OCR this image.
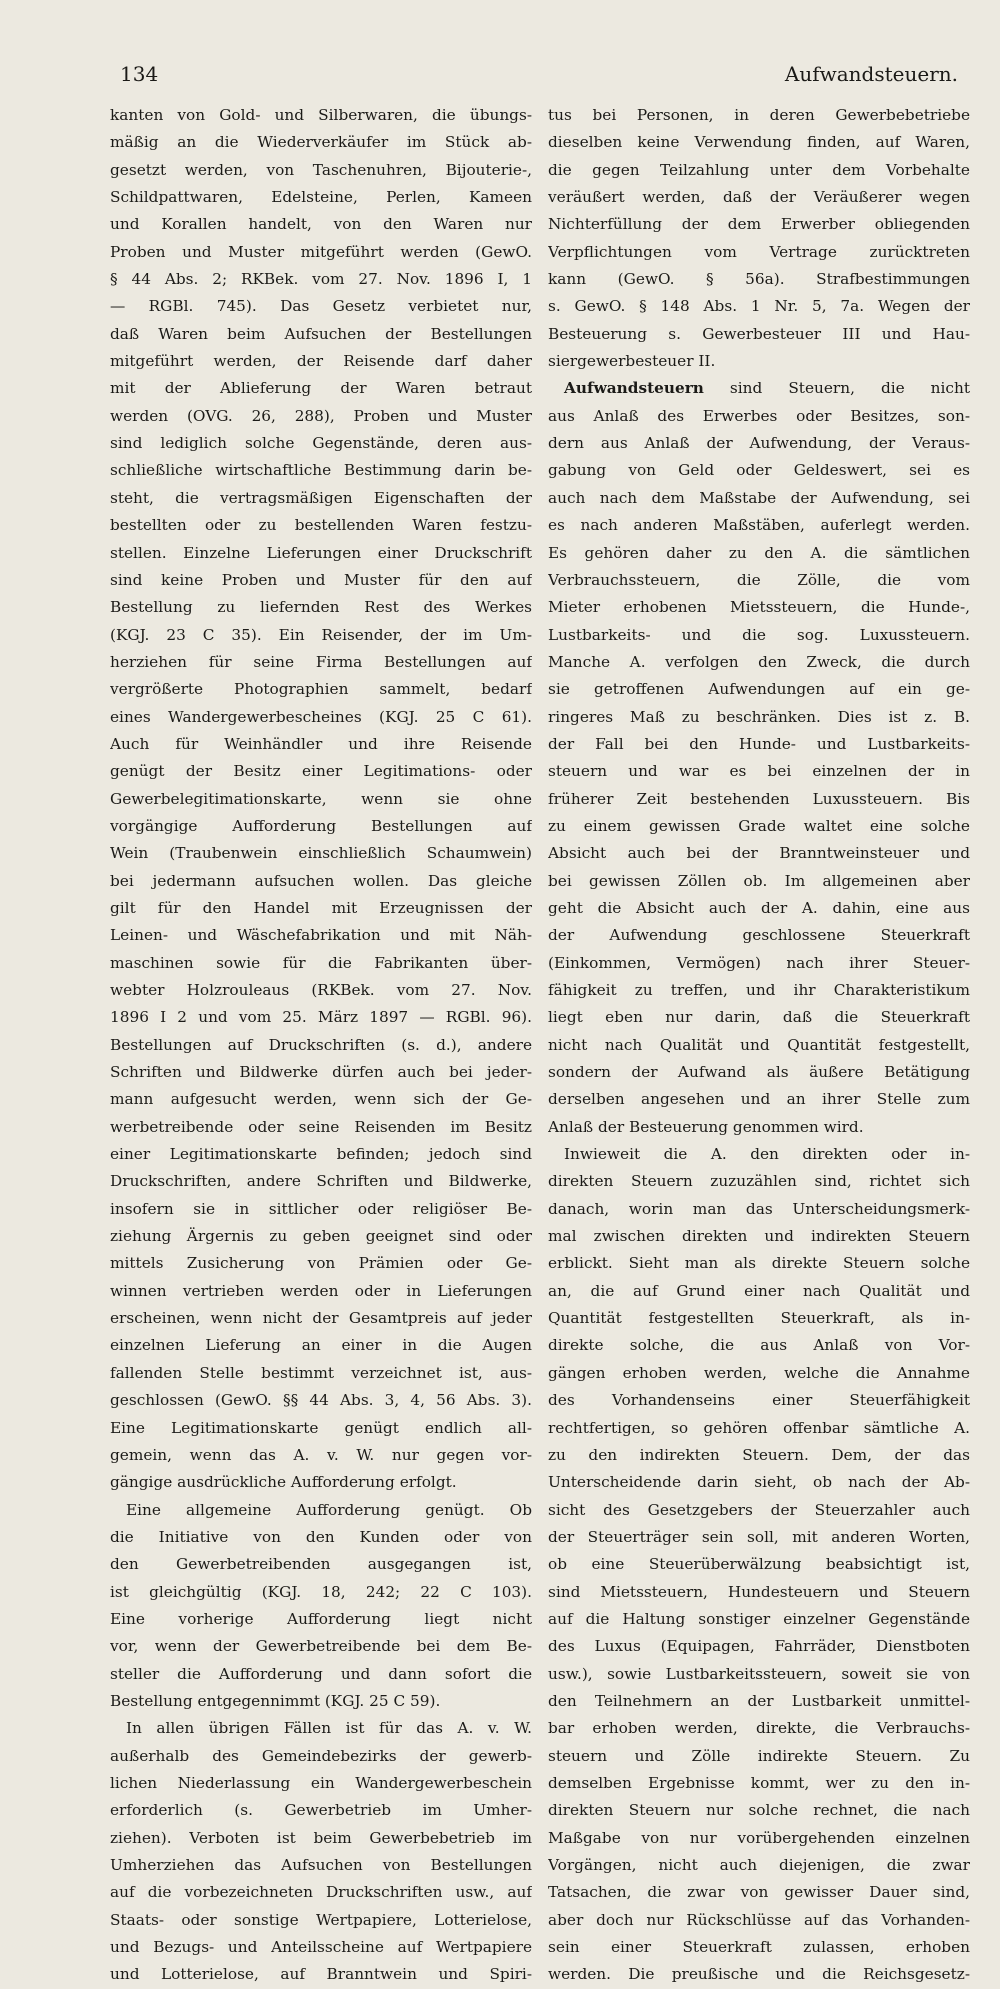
134	Aufwandsteuern.
kanten von Gold- und Silberwaren, die übungs-
mäßig an die Wiederverkäufer im Stück ab-
gesetzt werden, von Taschenuhren, Bijouterie-,
Schildpattwaren, Edelsteine, Perlen, Kameen
und Korallen handelt, von den Waren nur
Proben und Muster mitgeführt werden (GewO.
§ 44 Abs. 2; RKBek. vom 27. Nov. 1896 I, 1
— RGBl. 745). Das Gesetz verbietet nur,
daß Waren beim Aufsuchen der Bestellungen
mitgeführt werden, der Reisende darf daher
mit der Ablieferung der Waren betraut
werden (OVG. 26, 288), Proben und Muster
sind lediglich solche Gegenstände, deren aus-
schließliche wirtschaftliche Bestimmung darin be-
steht, die vertragsmäßigen Eigenschaften der
bestellten oder zu bestellenden Waren festzu-
stellen. Einzelne Lieferungen einer Druckschrift
sind keine Proben und Muster für den auf
Bestellung zu liefernden Rest des Werkes
(KGJ. 23 C 35). Ein Reisender, der im Um-
herziehen für seine Firma Bestellungen auf
vergrößerte Photographien sammelt, bedarf
eines Wandergewerbescheines (KGJ. 25 C 61).
Auch für Weinhändler und ihre Reisende
genügt der Besitz einer Legitimations- oder
Gewerbelegitimationskarte, wenn sie ohne
vorgängige Aufforderung Bestellungen auf
Wein (Traubenwein einschließlich Schaumwein)
bei jedermann aufsuchen wollen. Das gleiche
gilt für den Handel mit Erzeugnissen der
Leinen- und Wäschefabrikation und mit Näh-
maschinen sowie für die Fabrikanten über-
webter Holzrouleaus (RKBek. vom 27. Nov.
1896 I 2 und vom 25. März 1897 — RGBl. 96).
Bestellungen auf Druckschriften (s. d.), andere
Schriften und Bildwerke dürfen auch bei jeder-
mann aufgesucht werden, wenn sich der Ge-
werbetreibende oder seine Reisenden im Besitz
einer Legitimationskarte befinden; jedoch sind
Druckschriften, andere Schriften und Bildwerke,
insofern sie in sittlicher oder religiöser Be-
ziehung Ärgernis zu geben geeignet sind oder
mittels Zusicherung von Prämien oder Ge-
winnen vertrieben werden oder in Lieferungen
erscheinen, wenn nicht der Gesamtpreis auf jeder
einzelnen Lieferung an einer in die Augen
fallenden Stelle bestimmt verzeichnet ist, aus-
geschlossen (GewO. §§ 44 Abs. 3, 4, 56 Abs. 3).
Eine Legitimationskarte genügt endlich all-
gemein, wenn das A. v. W. nur gegen vor-
gängige ausdrückliche Aufforderung erfolgt.
Eine allgemeine Aufforderung genügt. Ob
die Initiative von den Kunden oder von
den Gewerbetreibenden ausgegangen ist,
ist gleichgültig (KGJ. 18, 242; 22 C 103).
Eine vorherige Aufforderung liegt nicht
vor, wenn der Gewerbetreibende bei dem Be-
steller die Aufforderung und dann sofort die
Bestellung entgegennimmt (KGJ. 25 C 59).
In allen übrigen Fällen ist für das A. v. W.
außerhalb des Gemeindebezirks der gewerb-
lichen Niederlassung ein Wandergewerbeschein
erforderlich (s. Gewerbetrieb im Umher-
ziehen). Verboten ist beim Gewerbebetrieb im
Umherziehen das Aufsuchen von Bestellungen
auf die vorbezeichneten Druckschriften usw., auf
Staats- oder sonstige Wertpapiere, Lotterielose,
und Bezugs- und Anteilsscheine auf Wertpapiere
und Lotterielose, auf Branntwein und Spiri-
tus bei Personen, in deren Gewerbebetriebe
dieselben keine Verwendung finden, auf Waren,
die gegen Teilzahlung unter dem Vorbehalte
veräußert werden, daß der Veräußerer wegen
Nichterfüllung der dem Erwerber obliegenden
Verpflichtungen vom Vertrage zurücktreten
kann (GewO. § 56a). Strafbestimmungen
s. GewO. § 148 Abs. 1 Nr. 5, 7a. Wegen der
Besteuerung s. Gewerbesteuer III und Hau-
siergewerbesteuer II.
Aufwandsteuern sind Steuern, die nicht
aus Anlaß des Erwerbes oder Besitzes, son-
dern aus Anlaß der Aufwendung, der Veraus-
gabung von Geld oder Geldeswert, sei es
auch nach dem Maßstabe der Aufwendung, sei
es nach anderen Maßstäben, auferlegt werden.
Es gehören daher zu den A. die sämtlichen
Verbrauchssteuern, die Zölle, die vom
Mieter erhobenen Mietssteuern, die Hunde-,
Lustbarkeits- und die sog. Luxussteuern.
Manche A. verfolgen den Zweck, die durch
sie getroffenen Aufwendungen auf ein ge-
ringeres Maß zu beschränken. Dies ist z. B.
der Fall bei den Hunde- und Lustbarkeits-
steuern und war es bei einzelnen der in
früherer Zeit bestehenden Luxussteuern. Bis
zu einem gewissen Grade waltet eine solche
Absicht auch bei der Branntweinsteuer und
bei gewissen Zöllen ob. Im allgemeinen aber
geht die Absicht auch der A. dahin, eine aus
der Aufwendung geschlossene Steuerkraft
(Einkommen, Vermögen) nach ihrer Steuer-
fähigkeit zu treffen, und ihr Charakteristikum
liegt eben nur darin, daß die Steuerkraft
nicht nach Qualität und Quantität festgestellt,
sondern der Aufwand als äußere Betätigung
derselben angesehen und an ihrer Stelle zum
Anlaß der Besteuerung genommen wird.
Inwieweit die A. den direkten oder in-
direkten Steuern zuzuzählen sind, richtet sich
danach, worin man das Unterscheidungsmerk-
mal zwischen direkten und indirekten Steuern
erblickt. Sieht man als direkte Steuern solche
an, die auf Grund einer nach Qualität und
Quantität festgestellten Steuerkraft, als in-
direkte solche, die aus Anlaß von Vor-
gängen erhoben werden, welche die Annahme
des Vorhandenseins einer Steuerfähigkeit
rechtfertigen, so gehören offenbar sämtliche A.
zu den indirekten Steuern. Dem, der das
Unterscheidende darin sieht, ob nach der Ab-
sicht des Gesetzgebers der Steuerzahler auch
der Steuerträger sein soll, mit anderen Worten,
ob eine Steuerüberwälzung beabsichtigt ist,
sind Mietssteuern, Hundesteuern und Steuern
auf die Haltung sonstiger einzelner Gegenstände
des Luxus (Equipagen, Fahrräder, Dienstboten
usw.), sowie Lustbarkeitssteuern, soweit sie von
den Teilnehmern an der Lustbarkeit unmittel-
bar erhoben werden, direkte, die Verbrauchs-
steuern und Zölle indirekte Steuern. Zu
demselben Ergebnisse kommt, wer zu den in-
direkten Steuern nur solche rechnet, die nach
Maßgabe von nur vorübergehenden einzelnen
Vorgängen, nicht auch diejenigen, die zwar
Tatsachen, die zwar von gewisser Dauer sind,
aber doch nur Rückschlüsse auf das Vorhanden-
sein einer Steuerkraft zulassen, erhoben
werden. Die preußische und die Reichsgesetz-
